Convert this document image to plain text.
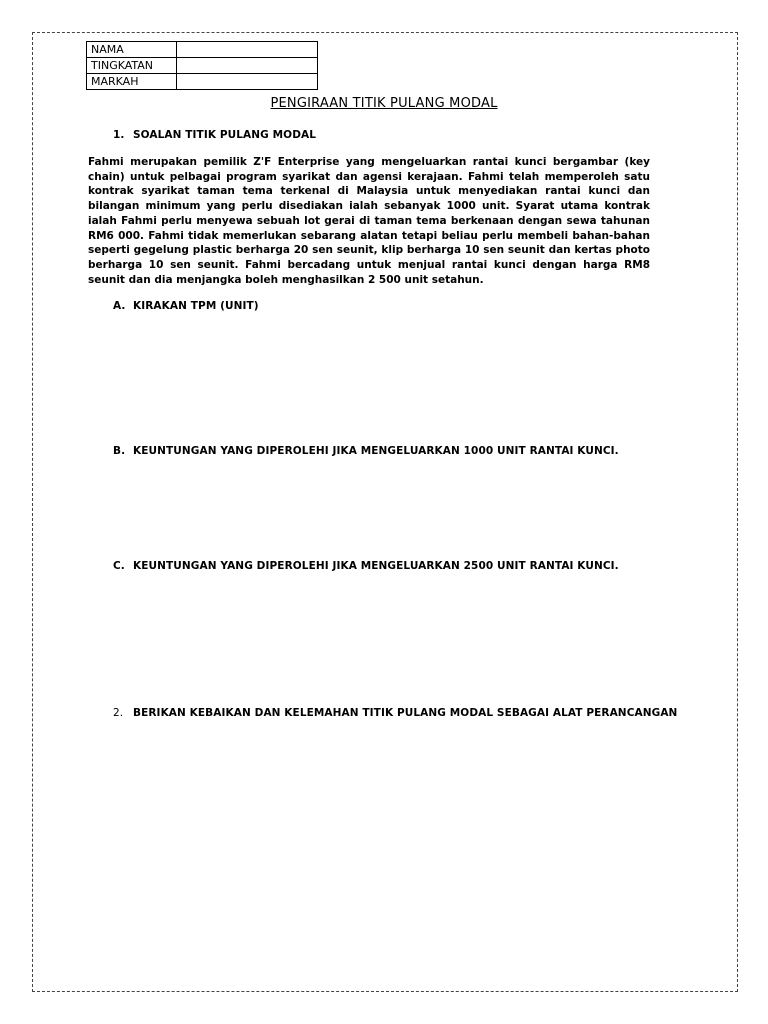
NAMA	
TINGKATAN	
MARKAH	
PENGIRAAN TITIK PULANG MODAL
1. SOALAN TITIK PULANG MODAL

Fahmi merupakan pemilik Z'F Enterprise yang mengeluarkan rantai kunci bergambar (key chain) untuk pelbagai program syarikat dan agensi kerajaan. Fahmi telah memperoleh satu kontrak syarikat taman tema terkenal di Malaysia untuk menyediakan rantai kunci dan bilangan minimum yang perlu disediakan ialah sebanyak 1000 unit. Syarat utama kontrak ialah Fahmi perlu menyewa sebuah lot gerai di taman tema berkenaan dengan sewa tahunan RM6 000. Fahmi tidak memerlukan sebarang alatan tetapi beliau perlu membeli bahan-bahan seperti gegelung plastic berharga 20 sen seunit, klip berharga 10 sen seunit dan kertas photo berharga 10 sen seunit. Fahmi bercadang untuk menjual rantai kunci dengan harga RM8 seunit dan dia menjangka boleh menghasilkan 2 500 unit setahun.

A. KIRAKAN TPM (UNIT)
B. KEUNTUNGAN YANG DIPEROLEHI JIKA MENGELUARKAN 1000 UNIT RANTAI KUNCI.
C. KEUNTUNGAN YANG DIPEROLEHI JIKA MENGELUARKAN 2500 UNIT RANTAI KUNCI.
2. BERIKAN KEBAIKAN DAN KELEMAHAN TITIK PULANG MODAL SEBAGAI ALAT PERANCANGAN
